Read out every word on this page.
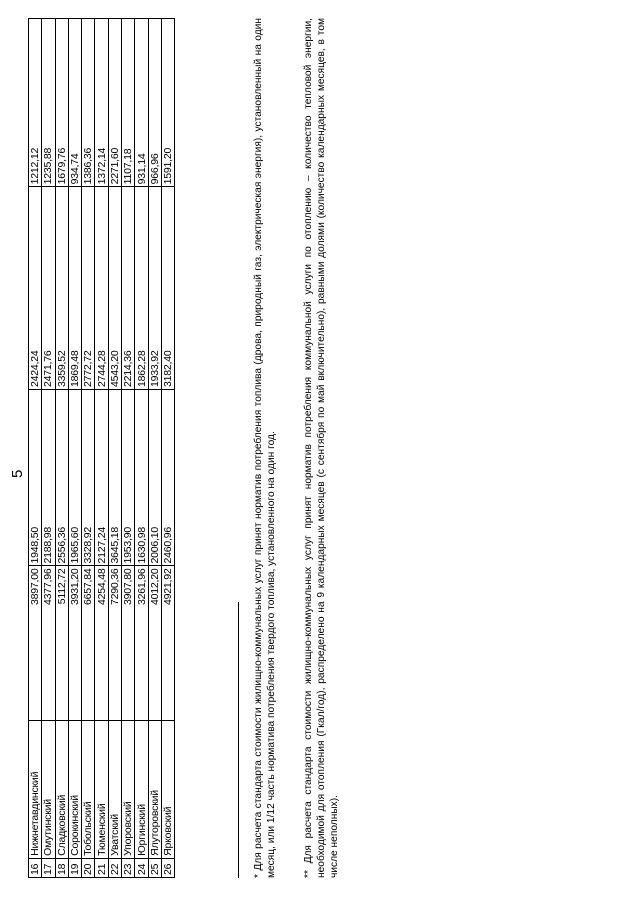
5
16	Нижнетавдинский	3897,00	1948,50	2424,24	1212,12
17	Омутинский	4377,96	2188,98	2471,76	1235,88
18	Сладковский	5112,72	2556,36	3359,52	1679,76
19	Сорокинский	3931,20	1965,60	1869,48	934,74
20	Тобольский	6657,84	3328,92	2772,72	1386,36
21	Тюменский	4254,48	2127,24	2744,28	1372,14
22	Уватский	7290,36	3645,18	4543,20	2271,60
23	Упоровский	3907,80	1953,90	2214,36	1107,18
24	Юргинский	3261,96	1630,98	1862,28	931,14
25	Ялуторовский	4012,20	2006,10	1933,92	966,96
26	Ярковский	4921,92	2460,96	3182,40	1591,20	* Для расчета стандарта стоимости жилищно-коммунальных услуг принят норматив потребления топлива (дрова, природный газ, электрическая энергия), установленный на один месяц, или 1/12 часть норматива потребления твердого топлива, установленного на один год.	** Для расчета стандарта стоимости жилищно-коммунальных услуг принят норматив потребления коммунальной услуги по отоплению – количество тепловой энергии, необходимой для отопления (Гкал/год), распределено на 9 календарных месяцев (с сентября по май включительно), равными долями (количество календарных месяцев, в том числе неполных).
